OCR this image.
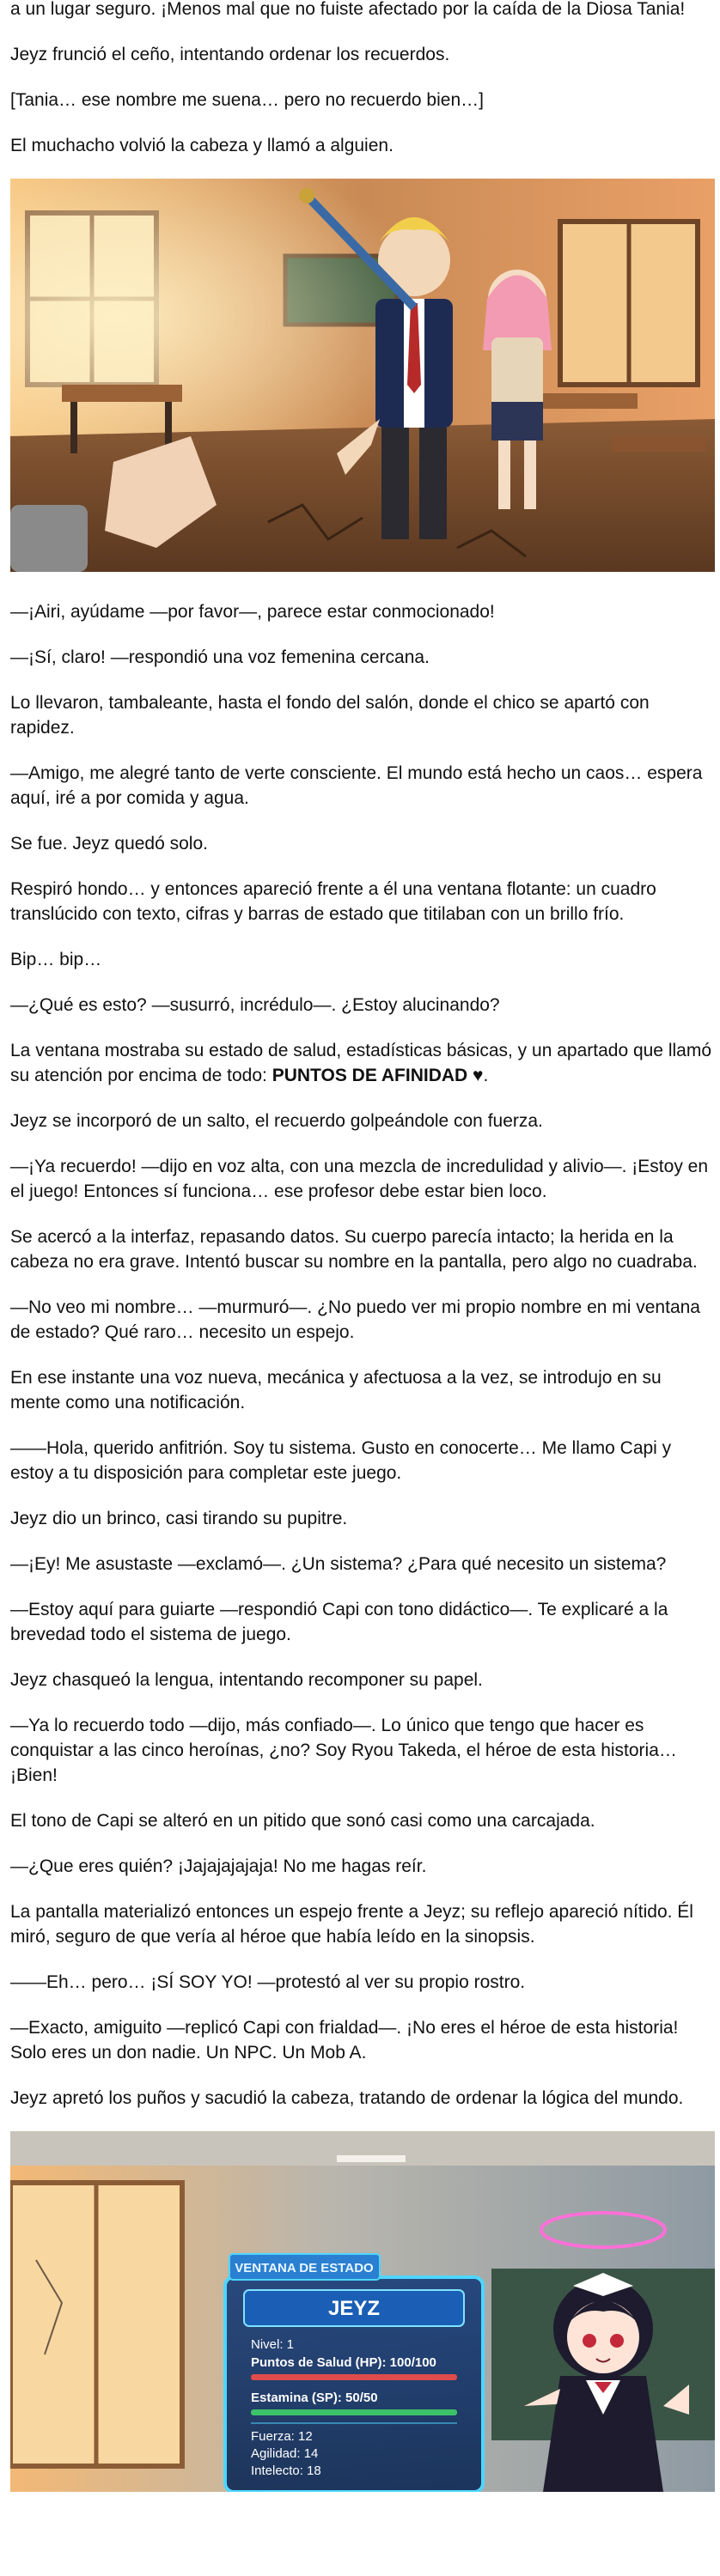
a un lugar seguro. ¡Menos mal que no fuiste afectado por la caída de la Diosa Tania!

Jeyz frunció el ceño, intentando ordenar los recuerdos.

[Tania… ese nombre me suena… pero no recuerdo bien…]

El muchacho volvió la cabeza y llamó a alguien.

—¡Airi, ayúdame —por favor—, parece estar conmocionado!

—¡Sí, claro! —respondió una voz femenina cercana.

Lo llevaron, tambaleante, hasta el fondo del salón, donde el chico se apartó con rapidez.

—Amigo, me alegré tanto de verte consciente. El mundo está hecho un caos… espera aquí, iré a por comida y agua.

Se fue. Jeyz quedó solo.

Respiró hondo… y entonces apareció frente a él una ventana flotante: un cuadro translúcido con texto, cifras y barras de estado que titilaban con un brillo frío.

Bip… bip…

—¿Qué es esto? —susurró, incrédulo—. ¿Estoy alucinando?

La ventana mostraba su estado de salud, estadísticas básicas, y un apartado que llamó su atención por encima de todo: PUNTOS DE AFINIDAD ♥.

Jeyz se incorporó de un salto, el recuerdo golpeándole con fuerza.

—¡Ya recuerdo! —dijo en voz alta, con una mezcla de incredulidad y alivio—. ¡Estoy en el juego! Entonces sí funciona… ese profesor debe estar bien loco.

Se acercó a la interfaz, repasando datos. Su cuerpo parecía intacto; la herida en la cabeza no era grave. Intentó buscar su nombre en la pantalla, pero algo no cuadraba.

—No veo mi nombre… —murmuró—. ¿No puedo ver mi propio nombre en mi ventana de estado? Qué raro… necesito un espejo.

En ese instante una voz nueva, mecánica y afectuosa a la vez, se introdujo en su mente como una notificación.

——Hola, querido anfitrión. Soy tu sistema. Gusto en conocerte… Me llamo Capi y estoy a tu disposición para completar este juego.

Jeyz dio un brinco, casi tirando su pupitre.

—¡Ey! Me asustaste —exclamó—. ¿Un sistema? ¿Para qué necesito un sistema?

—Estoy aquí para guiarte —respondió Capi con tono didáctico—. Te explicaré a la brevedad todo el sistema de juego.

Jeyz chasqueó la lengua, intentando recomponer su papel.

—Ya lo recuerdo todo —dijo, más confiado—. Lo único que tengo que hacer es conquistar a las cinco heroínas, ¿no? Soy Ryou Takeda, el héroe de esta historia… ¡Bien!

El tono de Capi se alteró en un pitido que sonó casi como una carcajada.

—¿Que eres quién? ¡Jajajajajaja! No me hagas reír.

La pantalla materializó entonces un espejo frente a Jeyz; su reflejo apareció nítido. Él miró, seguro de que vería al héroe que había leído en la sinopsis.

——Eh… pero… ¡SÍ SOY YO! —protestó al ver su propio rostro.

—Exacto, amiguito —replicó Capi con frialdad—. ¡No eres el héroe de esta historia! Solo eres un don nadie. Un NPC. Un Mob A.

Jeyz apretó los puños y sacudió la cabeza, tratando de ordenar la lógica del mundo.

VENTANA DE ESTADO
JEYZ
Nivel: 1
Puntos de Salud (HP): 100/100
Estamina (SP): 50/50
Fuerza: 12
Agilidad: 14
Intelecto: 18
